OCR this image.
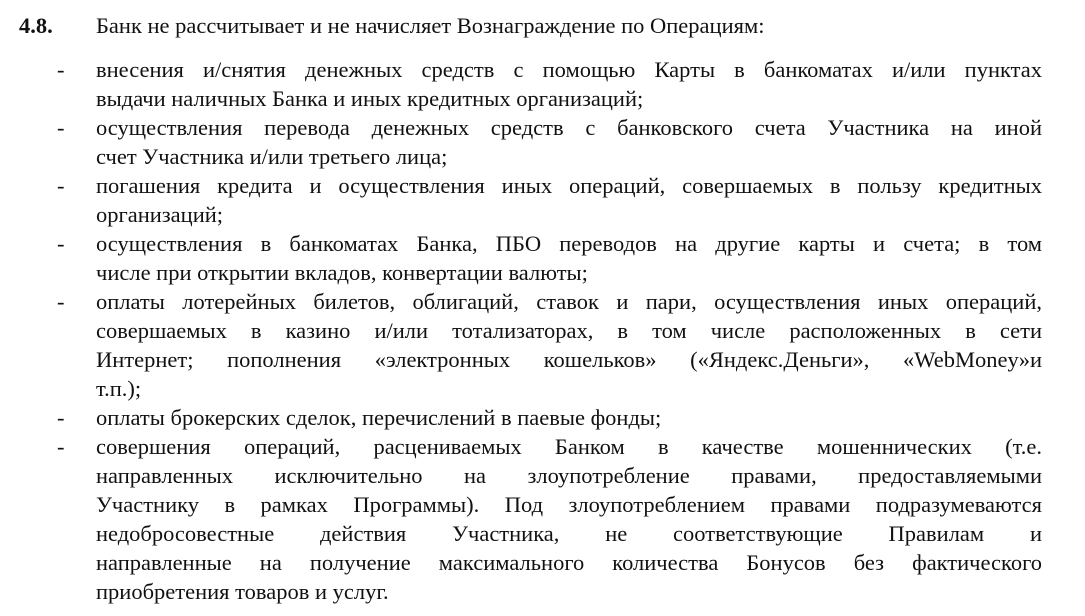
4.8. Банк не рассчитывает и не начисляет Вознаграждение по Операциям:
- внесения и/снятия денежных средств с помощью Карты в банкоматах и/или пунктах
выдачи наличных Банка и иных кредитных организаций;
- осуществления перевода денежных средств с банковского счета Участника на иной
счет Участника и/или третьего лица;
- погашения кредита и осуществления иных операций, совершаемых в пользу кредитных
организаций;
- осуществления в банкоматах Банка, ПБО переводов на другие карты и счета; в том
числе при открытии вкладов, конвертации валюты;
- оплаты лотерейных билетов, облигаций, ставок и пари, осуществления иных операций,
совершаемых в казино и/или тотализаторах, в том числе расположенных в сети
Интернет; пополнения «электронных кошельков» («Яндекс.Деньги», «WebMoney»и
т.п.);
- оплаты брокерских сделок, перечислений в паевые фонды;
- совершения операций, расцениваемых Банком в качестве мошеннических (т.е.
направленных исключительно на злоупотребление правами, предоставляемыми
Участнику в рамках Программы). Под злоупотреблением правами подразумеваются
недобросовестные действия Участника, не соответствующие Правилам и
направленные на получение максимального количества Бонусов без фактического
приобретения товаров и услуг.
